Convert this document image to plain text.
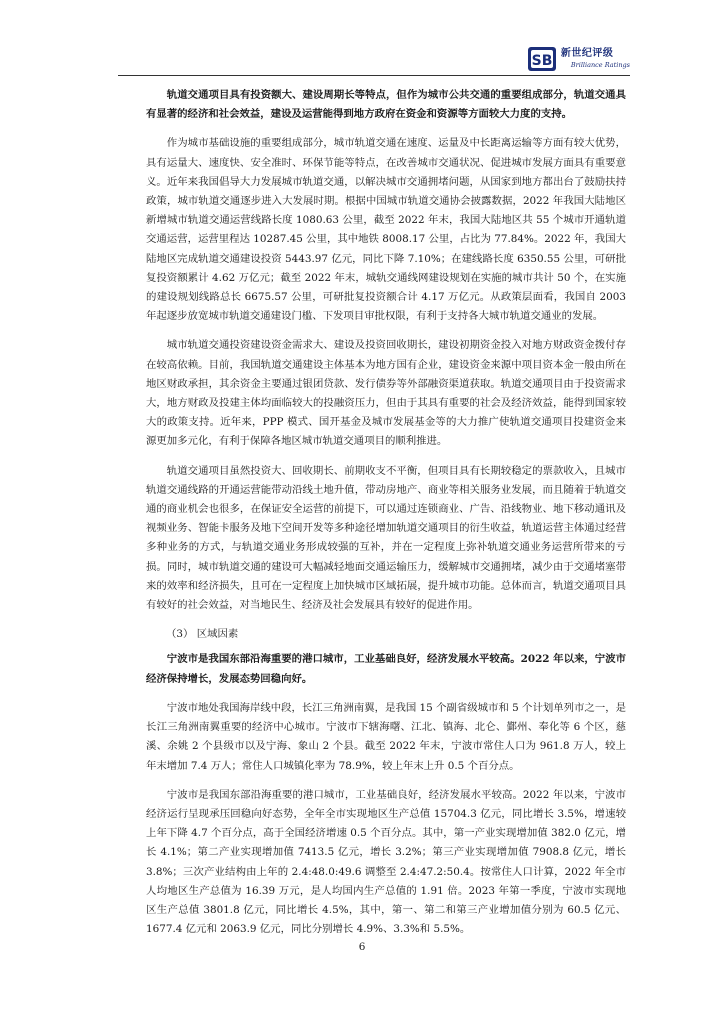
SB 新世纪评级
Brilliance Ratings

轨道交通项目具有投资额大、建设周期长等特点，但作为城市公共交通的重要组成部分，轨道交通具有显著的经济和社会效益，建设及运营能得到地方政府在资金和资源等方面较大力度的支持。

作为城市基础设施的重要组成部分，城市轨道交通在速度、运量及中长距离运输等方面有较大优势，具有运量大、速度快、安全准时、环保节能等特点，在改善城市交通状况、促进城市发展方面具有重要意义。近年来我国倡导大力发展城市轨道交通，以解决城市交通拥堵问题，从国家到地方都出台了鼓励扶持政策，城市轨道交通逐步进入大发展时期。根据中国城市轨道交通协会披露数据，2022 年我国大陆地区新增城市轨道交通运营线路长度 1080.63 公里，截至 2022 年末，我国大陆地区共 55 个城市开通轨道交通运营，运营里程达 10287.45 公里，其中地铁 8008.17 公里，占比为 77.84%。2022 年，我国大陆地区完成轨道交通建设投资 5443.97 亿元，同比下降 7.10%；在建线路长度 6350.55 公里，可研批复投资额累计 4.62 万亿元；截至 2022 年末，城轨交通线网建设规划在实施的城市共计 50 个，在实施的建设规划线路总长 6675.57 公里，可研批复投资额合计 4.17 万亿元。从政策层面看，我国自 2003 年起逐步放宽城市轨道交通建设门槛、下发项目审批权限，有利于支持各大城市轨道交通业的发展。

城市轨道交通投资建设资金需求大、建设及投资回收期长，建设初期资金投入对地方财政资金拨付存在较高依赖。目前，我国轨道交通建设主体基本为地方国有企业，建设资金来源中项目资本金一般由所在地区财政承担，其余资金主要通过银团贷款、发行债券等外部融资渠道获取。轨道交通项目由于投资需求大，地方财政及投建主体均面临较大的投融资压力，但由于其具有重要的社会及经济效益，能得到国家较大的政策支持。近年来，PPP 模式、国开基金及城市发展基金等的大力推广使轨道交通项目投建资金来源更加多元化，有利于保障各地区城市轨道交通项目的顺利推进。

轨道交通项目虽然投资大、回收期长、前期收支不平衡，但项目具有长期较稳定的票款收入，且城市轨道交通线路的开通运营能带动沿线土地升值，带动房地产、商业等相关服务业发展，而且随着于轨道交通的商业机会也很多，在保证安全运营的前提下，可以通过连锁商业、广告、沿线物业、地下移动通讯及视频业务、智能卡服务及地下空间开发等多种途径增加轨道交通项目的衍生收益，轨道运营主体通过经营多种业务的方式，与轨道交通业务形成较强的互补，并在一定程度上弥补轨道交通业务运营所带来的亏损。同时，城市轨道交通的建设可大幅减轻地面交通运输压力，缓解城市交通拥堵，减少由于交通堵塞带来的效率和经济损失，且可在一定程度上加快城市区域拓展，提升城市功能。总体而言，轨道交通项目具有较好的社会效益，对当地民生、经济及社会发展具有较好的促进作用。

（3） 区域因素

宁波市是我国东部沿海重要的港口城市，工业基础良好，经济发展水平较高。2022 年以来，宁波市经济保持增长，发展态势回稳向好。

宁波市地处我国海岸线中段，长江三角洲南翼，是我国 15 个副省级城市和 5 个计划单列市之一，是长江三角洲南翼重要的经济中心城市。宁波市下辖海曙、江北、镇海、北仑、鄞州、奉化等 6 个区，慈溪、余姚 2 个县级市以及宁海、象山 2 个县。截至 2022 年末，宁波市常住人口为 961.8 万人，较上年末增加 7.4 万人；常住人口城镇化率为 78.9%，较上年末上升 0.5 个百分点。

宁波市是我国东部沿海重要的港口城市，工业基础良好，经济发展水平较高。2022 年以来，宁波市经济运行呈现承压回稳向好态势，全年全市实现地区生产总值 15704.3 亿元，同比增长 3.5%，增速较上年下降 4.7 个百分点，高于全国经济增速 0.5 个百分点。其中，第一产业实现增加值 382.0 亿元，增长 4.1%；第二产业实现增加值 7413.5 亿元，增长 3.2%；第三产业实现增加值 7908.8 亿元，增长 3.8%；三次产业结构由上年的 2.4:48.0:49.6 调整至 2.4:47.2:50.4。按常住人口计算，2022 年全市人均地区生产总值为 16.39 万元，是人均国内生产总值的 1.91 倍。2023 年第一季度，宁波市实现地区生产总值 3801.8 亿元，同比增长 4.5%，其中，第一、第二和第三产业增加值分别为 60.5 亿元、1677.4 亿元和 2063.9 亿元，同比分别增长 4.9%、3.3%和 5.5%。

6
